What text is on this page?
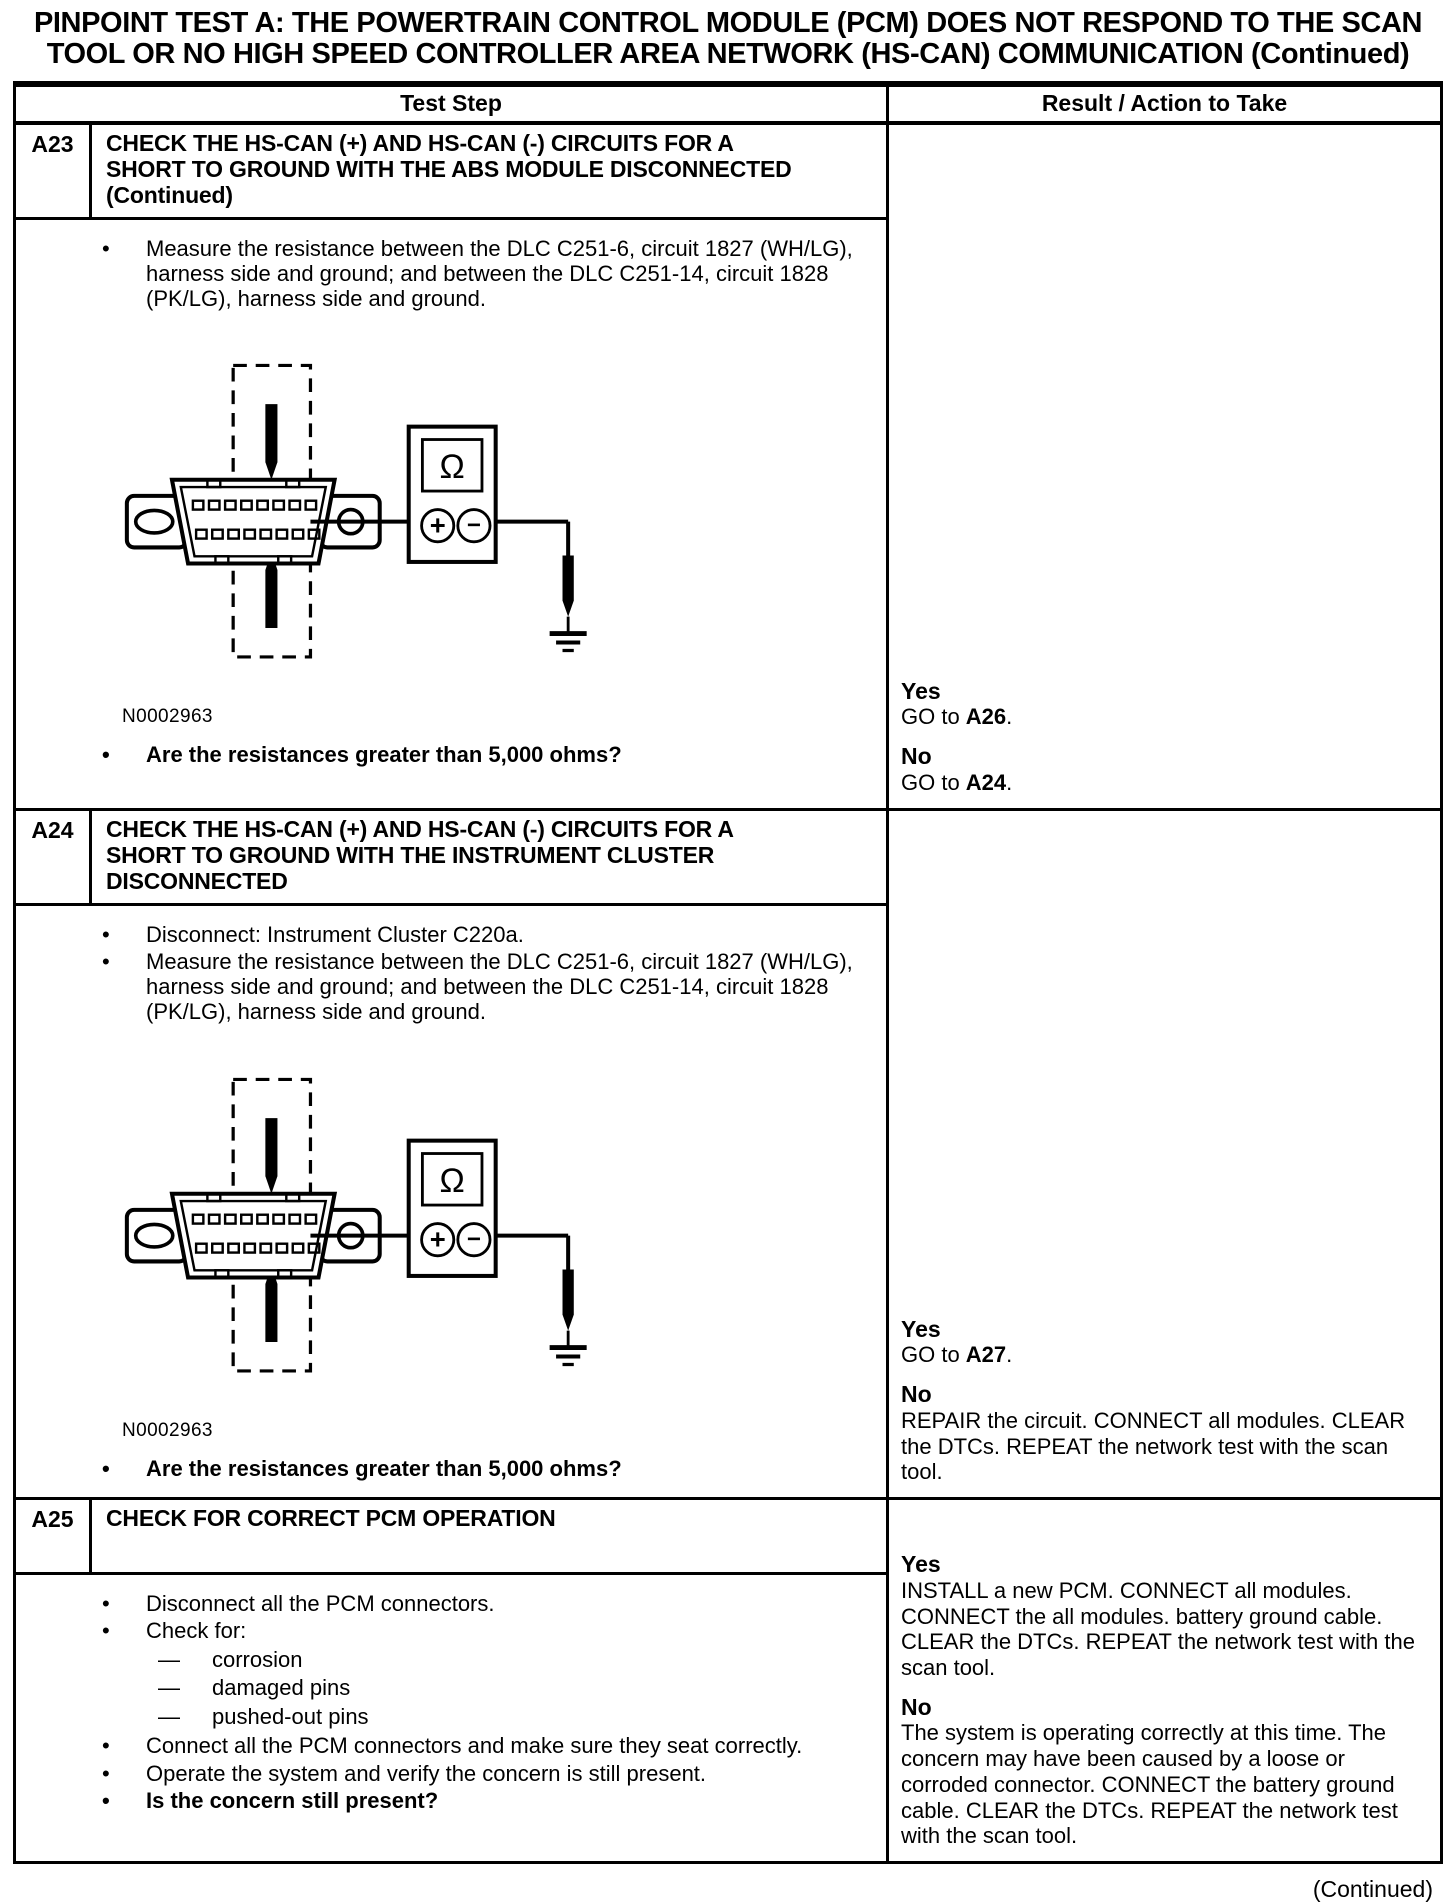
PINPOINT TEST A: THE POWERTRAIN CONTROL MODULE (PCM) DOES NOT RESPOND TO THE SCAN
TOOL OR NO HIGH SPEED CONTROLLER AREA NETWORK (HS-CAN) COMMUNICATION (Continued)
Test Step	Result / Action to Take
A23	CHECK THE HS-CAN (+) AND HS-CAN (-) CIRCUITS FOR A SHORT TO GROUND WITH THE ABS MODULE DISCONNECTED (Continued)
•	Measure the resistance between the DLC C251-6, circuit 1827 (WH/LG), harness side and ground; and between the DLC C251-14, circuit 1828 (PK/LG), harness side and ground.
N0002963
•	Are the resistances greater than 5,000 ohms?
Yes
GO to A26.
No
GO to A24.
A24	CHECK THE HS-CAN (+) AND HS-CAN (-) CIRCUITS FOR A SHORT TO GROUND WITH THE INSTRUMENT CLUSTER DISCONNECTED
•	Disconnect: Instrument Cluster C220a.
•	Measure the resistance between the DLC C251-6, circuit 1827 (WH/LG), harness side and ground; and between the DLC C251-14, circuit 1828 (PK/LG), harness side and ground.
N0002963
•	Are the resistances greater than 5,000 ohms?
Yes
GO to A27.
No
REPAIR the circuit. CONNECT all modules. CLEAR the DTCs. REPEAT the network test with the scan tool.
A25	CHECK FOR CORRECT PCM OPERATION
•	Disconnect all the PCM connectors.
•	Check for:
—	corrosion
—	damaged pins
—	pushed-out pins
•	Connect all the PCM connectors and make sure they seat correctly.
•	Operate the system and verify the concern is still present.
•	Is the concern still present?
Yes
INSTALL a new PCM. CONNECT all modules. CONNECT the all modules. battery ground cable. CLEAR the DTCs. REPEAT the network test with the scan tool.
No
The system is operating correctly at this time. The concern may have been caused by a loose or corroded connector. CONNECT the battery ground cable. CLEAR the DTCs. REPEAT the network test with the scan tool.
(Continued)
